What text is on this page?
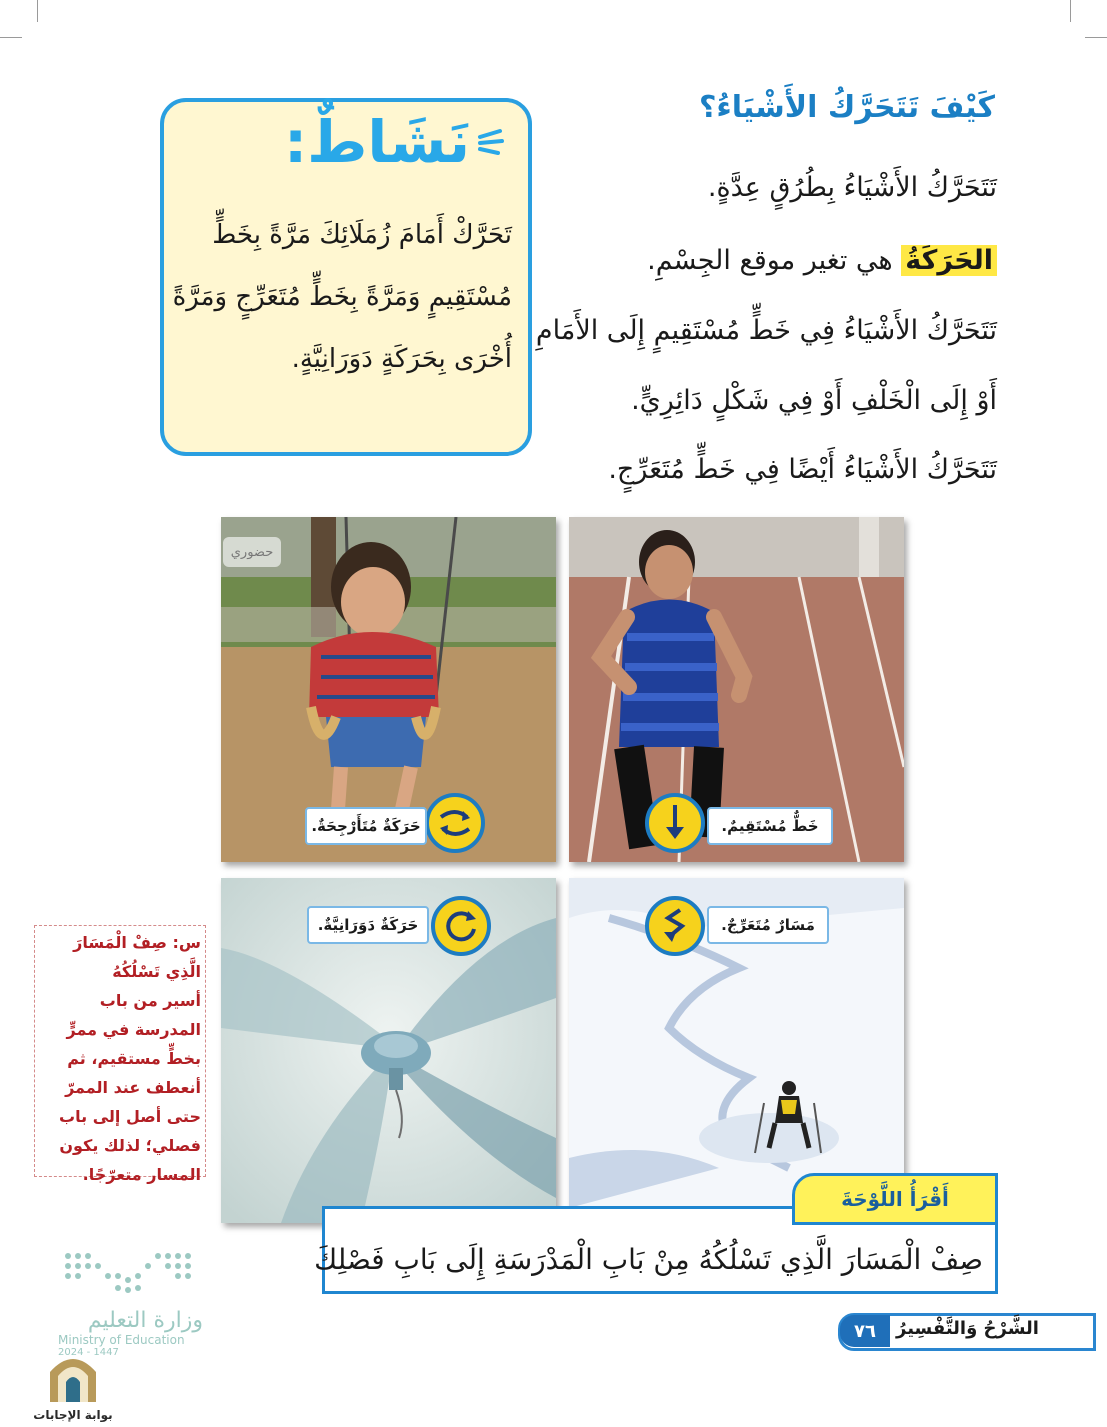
كَيْفَ تَتَحَرَّكُ الأَشْيَاءُ؟
تَتَحَرَّكُ الأَشْيَاءُ بِطُرُقٍ عِدَّةٍ.
الحَرَكَةُ هي تغير موقع الجِسْمِ.
تَتَحَرَّكُ الأَشْيَاءُ فِي خَطٍّ مُسْتَقِيمٍ إِلَى الأَمَامِ
أَوْ إِلَى الْخَلْفِ أَوْ فِي شَكْلٍ دَائِرِيٍّ.
تَتَحَرَّكُ الأَشْيَاءُ أَيْضًا فِي خَطٍّ مُتَعَرِّجٍ.
نَشَاطٌ:
تَحَرَّكْ أَمَامَ زُمَلَائِكَ مَرَّةً بِخَطٍّ
مُسْتَقِيمٍ وَمَرَّةً بِخَطٍّ مُتَعَرِّجٍ وَمَرَّةً
أُخْرَى بِحَرَكَةٍ دَوَرَانِيَّةٍ.
خَطٌّ مُسْتَقِيمٌ.
حضوري
حَرَكَةٌ مُتَأَرْجِحَةٌ.
مَسَارٌ مُتَعَرِّجٌ.
حَرَكَةٌ دَوَرَانِيَّةٌ.
س: صِفْ الْمَسَارَ الَّذِي تَسْلُكُهُ
أسير من باب المدرسة في ممرٍّ بخطٍّ مستقيم، ثم أنعطف عند الممرّ حتى أصل إلى باب فصلي؛ لذلك يكون المسار متعرّجًا.
صِفْ الْمَسَارَ الَّذِي تَسْلُكُهُ مِنْ بَابِ الْمَدْرَسَةِ إِلَى بَابِ فَصْلِكَ
أَقْرَأُ اللَّوْحَةَ
وزارة التعليم
Ministry of Education
2024 - 1447
بوابة الإجابات
٧٦	الشَّرْحُ وَالتَّفْسِيرُ
